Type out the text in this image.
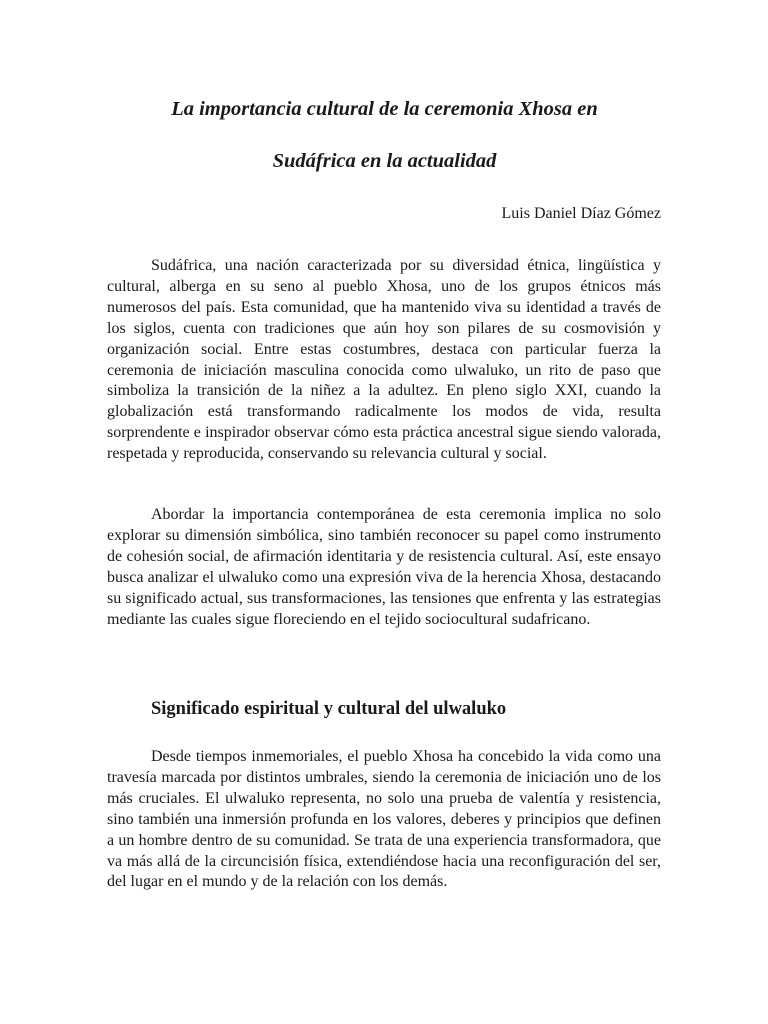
La importancia cultural de la ceremonia Xhosa en
Sudáfrica en la actualidad

Luis Daniel Díaz Gómez

Sudáfrica, una nación caracterizada por su diversidad étnica, lingüística y cultural, alberga en su seno al pueblo Xhosa, uno de los grupos étnicos más numerosos del país. Esta comunidad, que ha mantenido viva su identidad a través de los siglos, cuenta con tradiciones que aún hoy son pilares de su cosmovisión y organización social. Entre estas costumbres, destaca con particular fuerza la ceremonia de iniciación masculina conocida como ulwaluko, un rito de paso que simboliza la transición de la niñez a la adultez. En pleno siglo XXI, cuando la globalización está transformando radicalmente los modos de vida, resulta sorprendente e inspirador observar cómo esta práctica ancestral sigue siendo valorada, respetada y reproducida, conservando su relevancia cultural y social.

Abordar la importancia contemporánea de esta ceremonia implica no solo explorar su dimensión simbólica, sino también reconocer su papel como instrumento de cohesión social, de afirmación identitaria y de resistencia cultural. Así, este ensayo busca analizar el ulwaluko como una expresión viva de la herencia Xhosa, destacando su significado actual, sus transformaciones, las tensiones que enfrenta y las estrategias mediante las cuales sigue floreciendo en el tejido sociocultural sudafricano.

Significado espiritual y cultural del ulwaluko

Desde tiempos inmemoriales, el pueblo Xhosa ha concebido la vida como una travesía marcada por distintos umbrales, siendo la ceremonia de iniciación uno de los más cruciales. El ulwaluko representa, no solo una prueba de valentía y resistencia, sino también una inmersión profunda en los valores, deberes y principios que definen a un hombre dentro de su comunidad. Se trata de una experiencia transformadora, que va más allá de la circuncisión física, extendiéndose hacia una reconfiguración del ser, del lugar en el mundo y de la relación con los demás.
